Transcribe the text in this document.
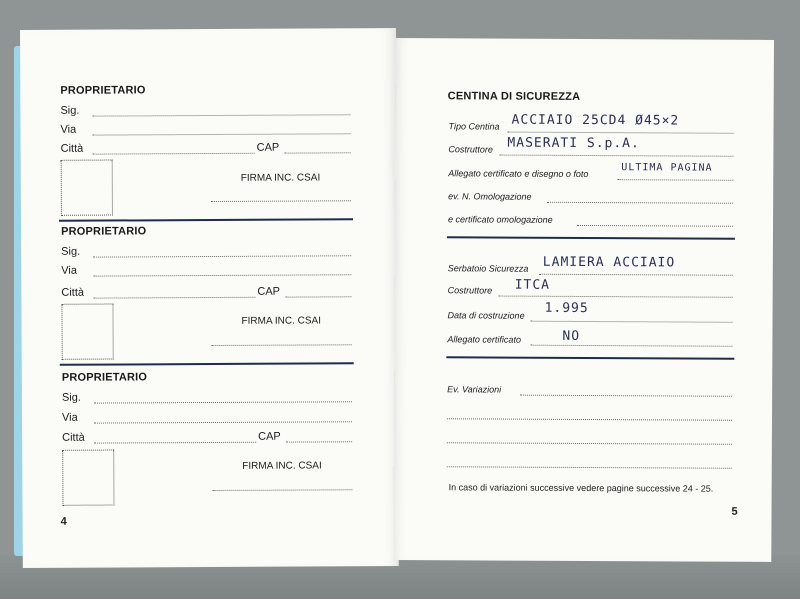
PROPRIETARIO
Sig.
Via
Città	CAP
FIRMA INC. CSAI
PROPRIETARIO
Sig.
Via
Città	CAP
FIRMA INC. CSAI
PROPRIETARIO
Sig.
Via
Città	CAP
FIRMA INC. CSAI
4
CENTINA DI SICUREZZA
Tipo Centina ACCIAIO 25CD4 Ø45×2
Costruttore MASERATI S.p.A.
Allegato certificato e disegno o foto	ULTIMA PAGINA
ev. N. Omologazione
e certificato omologazione
Serbatoio Sicurezza LAMIERA ACCIAIO
Costruttore ITCA
Data di costruzione 1.995
Allegato certificato	NO
Ev. Variazioni
In caso di variazioni successive vedere pagine successive 24 - 25.
5
